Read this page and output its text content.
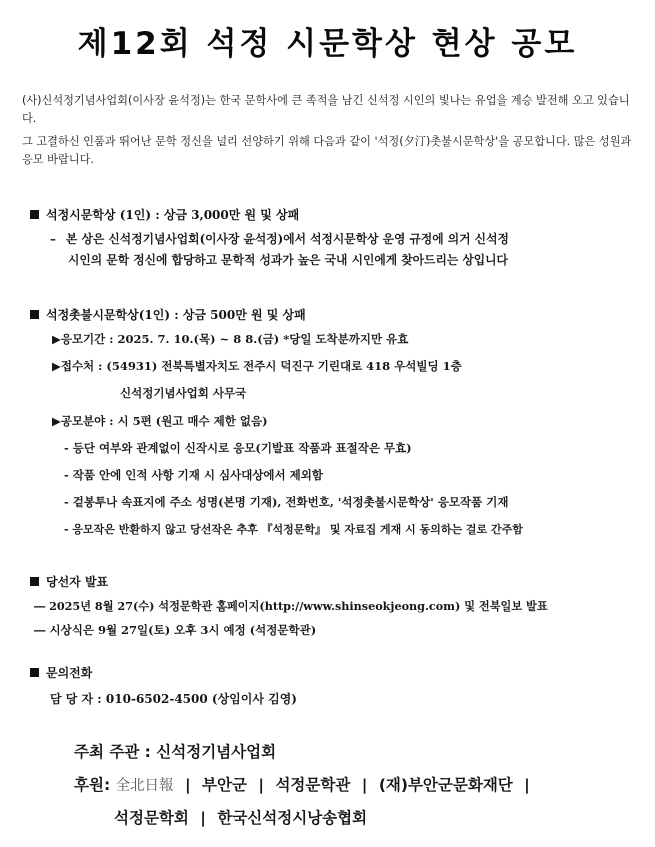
제12회 석정 시문학상 현상 공모

(사)신석정기념사업회(이사장 윤석정)는 한국 문학사에 큰 족적을 남긴 신석정 시인의 빛나는 유업을 계승 발전해 오고 있습니다.

그 고결하신 인품과 뛰어난 문학 정신을 널리 선양하기 위해 다음과 같이 '석정(夕汀)촛불시문학상'을 공모합니다. 많은 성원과 응모 바랍니다.

석정시문학상 (1인) : 상금 3,000만 원 및 상패
– 본 상은 신석정기념사업회(이사장 윤석정)에서 석정시문학상 운영 규정에 의거 신석정
시인의 문학 정신에 합당하고 문학적 성과가 높은 국내 시인에게 찾아드리는 상입니다
석정촛불시문학상(1인) : 상금 500만 원 및 상패
▶응모기간 : 2025. 7. 10.(목) ~ 8 8.(금) *당일 도착분까지만 유효
▶접수처 : (54931) 전북특별자치도 전주시 덕진구 기린대로 418 우석빌딩 1층
신석정기념사업회 사무국
▶공모분야 : 시 5편 (원고 매수 제한 없음)
- 등단 여부와 관계없이 신작시로 응모(기발표 작품과 표절작은 무효)
- 작품 안에 인적 사항 기재 시 심사대상에서 제외함
- 겉봉투나 속표지에 주소 성명(본명 기재), 전화번호, '석정촛불시문학상' 응모작품 기재
- 응모작은 반환하지 않고 당선작은 추후 『석정문학』 및 자료집 게재 시 동의하는 걸로 간주함
당선자 발표
― 2025년 8월 27(수) 석정문학관 홈페이지(http://www.shinseokjeong.com) 및 전북일보 발표
― 시상식은 9월 27일(토) 오후 3시 예정 (석정문학관)
문의전화
담 당 자 : 010-6502-4500 (상임이사 김영)
주최 주관 : 신석정기념사업회
후원: 全北日報 | 부안군 | 석정문학관 | (재)부안군문화재단 |
석정문학회 | 한국신석정시낭송협회
